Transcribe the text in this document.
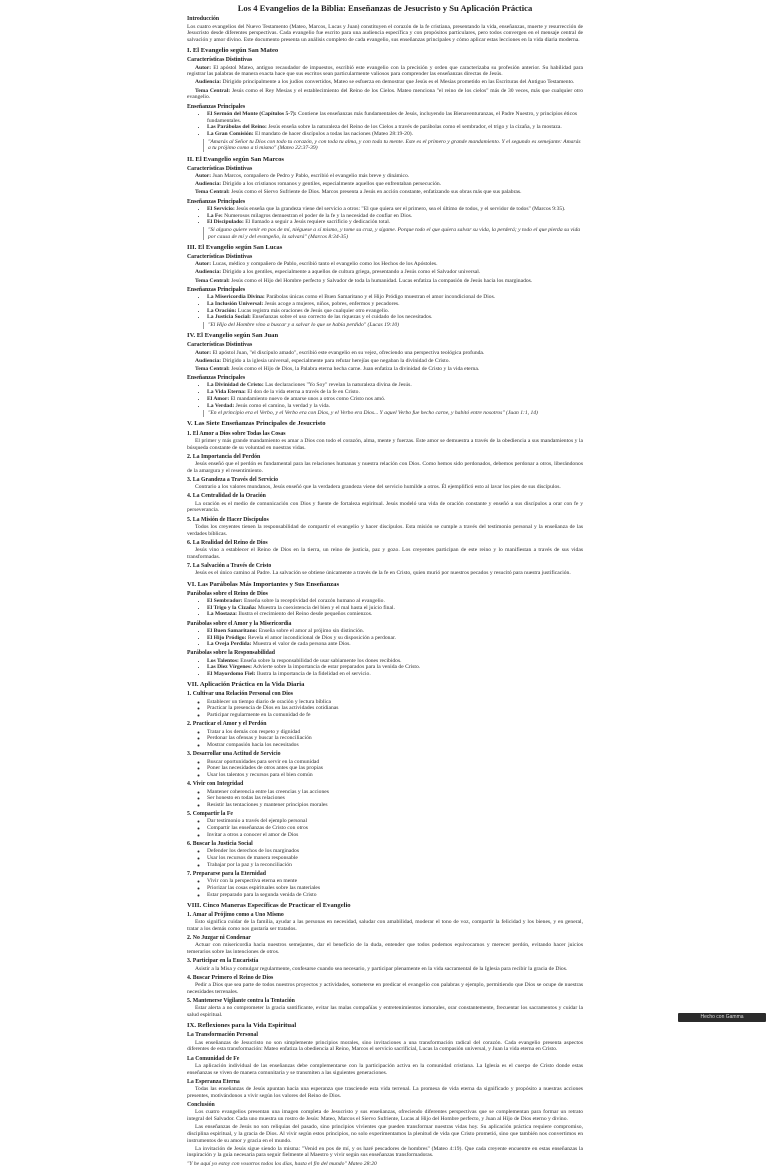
Los 4 Evangelios de la Biblia: Enseñanzas de Jesucristo y Su Aplicación Práctica
Introducción

Los cuatro evangelios del Nuevo Testamento (Mateo, Marcos, Lucas y Juan) constituyen el corazón de la fe cristiana, presentando la vida, enseñanzas, muerte y resurrección de Jesucristo desde diferentes perspectivas. Cada evangelio fue escrito para una audiencia específica y con propósitos particulares, pero todos convergen en el mensaje central de salvación y amor divino. Este documento presenta un análisis completo de cada evangelio, sus enseñanzas principales y cómo aplicar estas lecciones en la vida diaria moderna.

I. El Evangelio según San Mateo
Características Distintivas

Autor: El apóstol Mateo, antiguo recaudador de impuestos, escribió este evangelio con la precisión y orden que caracterizaba su profesión anterior. Su habilidad para registrar las palabras de manera exacta hace que sus escritos sean particularmente valiosos para comprender las enseñanzas directas de Jesús.

Audiencia: Dirigido principalmente a los judíos convertidos, Mateo se esfuerza en demostrar que Jesús es el Mesías prometido en las Escrituras del Antiguo Testamento.

Tema Central: Jesús como el Rey Mesías y el establecimiento del Reino de los Cielos. Mateo menciona "el reino de los cielos" más de 30 veces, más que cualquier otro evangelio.

Enseñanzas Principales
• El Sermón del Monte (Capítulos 5-7): Contiene las enseñanzas más fundamentales de Jesús, incluyendo las Bienaventuranzas, el Padre Nuestro, y principios éticos fundamentales.
• Las Parábolas del Reino: Jesús enseña sobre la naturaleza del Reino de los Cielos a través de parábolas como el sembrador, el trigo y la cizaña, y la mostaza.
• La Gran Comisión: El mandato de hacer discípulos a todas las naciones (Mateo 28:19-20).
"Amarás al Señor tu Dios con todo tu corazón, y con toda tu alma, y con toda tu mente. Este es el primero y grande mandamiento. Y el segundo es semejante: Amarás a tu prójimo como a ti mismo" (Mateo 22:37-39)
II. El Evangelio según San Marcos
Características Distintivas

Autor: Juan Marcos, compañero de Pedro y Pablo, escribió el evangelio más breve y dinámico.

Audiencia: Dirigido a los cristianos romanos y gentiles, especialmente aquellos que enfrentaban persecución.

Tema Central: Jesús como el Siervo Sufriente de Dios. Marcos presenta a Jesús en acción constante, enfatizando sus obras más que sus palabras.

Enseñanzas Principales
• El Servicio: Jesús enseña que la grandeza viene del servicio a otros: "El que quiera ser el primero, sea el último de todos, y el servidor de todos" (Marcos 9:35).
• La Fe: Numerosos milagros demuestran el poder de la fe y la necesidad de confiar en Dios.
• El Discipulado: El llamado a seguir a Jesús requiere sacrificio y dedicación total.
"Si alguno quiere venir en pos de mí, niéguese a sí mismo, y tome su cruz, y sígame. Porque todo el que quiera salvar su vida, la perderá; y todo el que pierda su vida por causa de mí y del evangelio, la salvará" (Marcos 8:34-35)
III. El Evangelio según San Lucas
Características Distintivas

Autor: Lucas, médico y compañero de Pablo, escribió tanto el evangelio como los Hechos de los Apóstoles.

Audiencia: Dirigido a los gentiles, especialmente a aquellos de cultura griega, presentando a Jesús como el Salvador universal.

Tema Central: Jesús como el Hijo del Hombre perfecto y Salvador de toda la humanidad. Lucas enfatiza la compasión de Jesús hacia los marginados.

Enseñanzas Principales
• La Misericordia Divina: Parábolas únicas como el Buen Samaritano y el Hijo Pródigo muestran el amor incondicional de Dios.
• La Inclusión Universal: Jesús acoge a mujeres, niños, pobres, enfermos y pecadores.
• La Oración: Lucas registra más oraciones de Jesús que cualquier otro evangelio.
• La Justicia Social: Enseñanzas sobre el uso correcto de las riquezas y el cuidado de los necesitados.
"El Hijo del Hombre vino a buscar y a salvar lo que se había perdido" (Lucas 19:10)
IV. El Evangelio según San Juan
Características Distintivas

Autor: El apóstol Juan, "el discípulo amado", escribió este evangelio en su vejez, ofreciendo una perspectiva teológica profunda.

Audiencia: Dirigido a la iglesia universal, especialmente para refutar herejías que negaban la divinidad de Cristo.

Tema Central: Jesús como el Hijo de Dios, la Palabra eterna hecha carne. Juan enfatiza la divinidad de Cristo y la vida eterna.

Enseñanzas Principales
• La Divinidad de Cristo: Las declaraciones "Yo Soy" revelan la naturaleza divina de Jesús.
• La Vida Eterna: El don de la vida eterna a través de la fe en Cristo.
• El Amor: El mandamiento nuevo de amarse unos a otros como Cristo nos amó.
• La Verdad: Jesús como el camino, la verdad y la vida.
"En el principio era el Verbo, y el Verbo era con Dios, y el Verbo era Dios... Y aquel Verbo fue hecho carne, y habitó entre nosotros" (Juan 1:1, 14)
V. Las Siete Enseñanzas Principales de Jesucristo
1. El Amor a Dios sobre Todas las Cosas

El primer y más grande mandamiento es amar a Dios con todo el corazón, alma, mente y fuerzas. Este amor se demuestra a través de la obediencia a sus mandamientos y la búsqueda constante de su voluntad en nuestras vidas.

2. La Importancia del Perdón

Jesús enseñó que el perdón es fundamental para las relaciones humanas y nuestra relación con Dios. Como hemos sido perdonados, debemos perdonar a otros, liberándonos de la amargura y el resentimiento.

3. La Grandeza a Través del Servicio

Contrario a los valores mundanos, Jesús enseñó que la verdadera grandeza viene del servicio humilde a otros. Él ejemplificó esto al lavar los pies de sus discípulos.

4. La Centralidad de la Oración

La oración es el medio de comunicación con Dios y fuente de fortaleza espiritual. Jesús modeló una vida de oración constante y enseñó a sus discípulos a orar con fe y perseverancia.

5. La Misión de Hacer Discípulos

Todos los creyentes tienen la responsabilidad de compartir el evangelio y hacer discípulos. Esta misión se cumple a través del testimonio personal y la enseñanza de las verdades bíblicas.

6. La Realidad del Reino de Dios

Jesús vino a establecer el Reino de Dios en la tierra, un reino de justicia, paz y gozo. Los creyentes participan de este reino y lo manifiestan a través de sus vidas transformadas.

7. La Salvación a Través de Cristo

Jesús es el único camino al Padre. La salvación se obtiene únicamente a través de la fe en Cristo, quien murió por nuestros pecados y resucitó para nuestra justificación.

VI. Las Parábolas Más Importantes y Sus Enseñanzas
Parábolas sobre el Reino de Dios
• El Sembrador: Enseña sobre la receptividad del corazón humano al evangelio.
• El Trigo y la Cizaña: Muestra la coexistencia del bien y el mal hasta el juicio final.
• La Mostaza: Ilustra el crecimiento del Reino desde pequeños comienzos.
Parábolas sobre el Amor y la Misericordia
• El Buen Samaritano: Enseña sobre el amor al prójimo sin distinción.
• El Hijo Pródigo: Revela el amor incondicional de Dios y su disposición a perdonar.
• La Oveja Perdida: Muestra el valor de cada persona ante Dios.
Parábolas sobre la Responsabilidad
• Los Talentos: Enseña sobre la responsabilidad de usar sabiamente los dones recibidos.
• Las Diez Vírgenes: Advierte sobre la importancia de estar preparados para la venida de Cristo.
• El Mayordomo Fiel: Ilustra la importancia de la fidelidad en el servicio.
VII. Aplicación Práctica en la Vida Diaria
1. Cultivar una Relación Personal con Dios
◦ Establecer un tiempo diario de oración y lectura bíblica
◦ Practicar la presencia de Dios en las actividades cotidianas
◦ Participar regularmente en la comunidad de fe
2. Practicar el Amor y el Perdón
◦ Tratar a los demás con respeto y dignidad
◦ Perdonar las ofensas y buscar la reconciliación
◦ Mostrar compasión hacia los necesitados
3. Desarrollar una Actitud de Servicio
◦ Buscar oportunidades para servir en la comunidad
◦ Poner las necesidades de otros antes que las propias
◦ Usar los talentos y recursos para el bien común
4. Vivir con Integridad
◦ Mantener coherencia entre las creencias y las acciones
◦ Ser honesto en todas las relaciones
◦ Resistir las tentaciones y mantener principios morales
5. Compartir la Fe
◦ Dar testimonio a través del ejemplo personal
◦ Compartir las enseñanzas de Cristo con otros
◦ Invitar a otros a conocer el amor de Dios
6. Buscar la Justicia Social
◦ Defender los derechos de los marginados
◦ Usar los recursos de manera responsable
◦ Trabajar por la paz y la reconciliación
7. Prepararse para la Eternidad
◦ Vivir con la perspectiva eterna en mente
◦ Priorizar las cosas espirituales sobre las materiales
◦ Estar preparado para la segunda venida de Cristo
VIII. Cinco Maneras Específicas de Practicar el Evangelio
1. Amar al Prójimo como a Uno Mismo

Esto significa cuidar de la familia, ayudar a las personas en necesidad, saludar con amabilidad, moderar el tono de voz, compartir la felicidad y los bienes, y en general, tratar a los demás como nos gustaría ser tratados.

2. No Juzgar ni Condenar

Actuar con misericordia hacia nuestros semejantes, dar el beneficio de la duda, entender que todos podemos equivocarnos y merecer perdón, evitando hacer juicios temerarios sobre las intenciones de otros.

3. Participar en la Eucaristía

Asistir a la Misa y comulgar regularmente, confesarse cuando sea necesario, y participar plenamente en la vida sacramental de la Iglesia para recibir la gracia de Dios.

4. Buscar Primero el Reino de Dios

Pedir a Dios que sea parte de todos nuestros proyectos y actividades, someterse en predicar el evangelio con palabras y ejemplo, permitiendo que Dios se ocupe de nuestras necesidades terrenales.

5. Mantenerse Vigilante contra la Tentación

Estar alerta a no comprometer la gracia santificante, evitar las malas compañías y entretenimientos inmorales, orar constantemente, frecuentar los sacramentos y cuidar la salud espiritual.

IX. Reflexiones para la Vida Espiritual
La Transformación Personal

Las enseñanzas de Jesucristo no son simplemente principios morales, sino invitaciones a una transformación radical del corazón. Cada evangelio presenta aspectos diferentes de esta transformación: Mateo enfatiza la obediencia al Reino, Marcos el servicio sacrificial, Lucas la compasión universal, y Juan la vida eterna en Cristo.

La Comunidad de Fe

La aplicación individual de las enseñanzas debe complementarse con la participación activa en la comunidad cristiana. La Iglesia es el cuerpo de Cristo donde estas enseñanzas se viven de manera comunitaria y se transmiten a las siguientes generaciones.

La Esperanza Eterna

Todas las enseñanzas de Jesús apuntan hacia una esperanza que trasciende esta vida terrenal. La promesa de vida eterna da significado y propósito a nuestras acciones presentes, motivándonos a vivir según los valores del Reino de Dios.

Conclusión

Los cuatro evangelios presentan una imagen completa de Jesucristo y sus enseñanzas, ofreciendo diferentes perspectivas que se complementan para formar un retrato integral del Salvador. Cada uno muestra un rostro de Jesús: Mateo, Marcos el Siervo Sufriente, Lucas al Hijo del Hombre perfecto, y Juan al Hijo de Dios eterno y divino.

Las enseñanzas de Jesús no son reliquias del pasado, sino principios vivientes que pueden transformar nuestras vidas hoy. Su aplicación práctica requiere compromiso, disciplina espiritual, y la gracia de Dios. Al vivir según estos principios, no solo experimentamos la plenitud de vida que Cristo prometió, sino que también nos convertimos en instrumentos de su amor y gracia en el mundo.

La invitación de Jesús sigue siendo la misma: "Venid en pos de mí, y os haré pescadores de hombres" (Mateo 4:19). Que cada creyente encuentre en estas enseñanzas la inspiración y la guía necesaria para seguir fielmente al Maestro y vivir según sus enseñanzas transformadoras.

"Y he aquí yo estoy con vosotros todos los días, hasta el fin del mundo" Mateo 28:20

Hecho con Gamma
